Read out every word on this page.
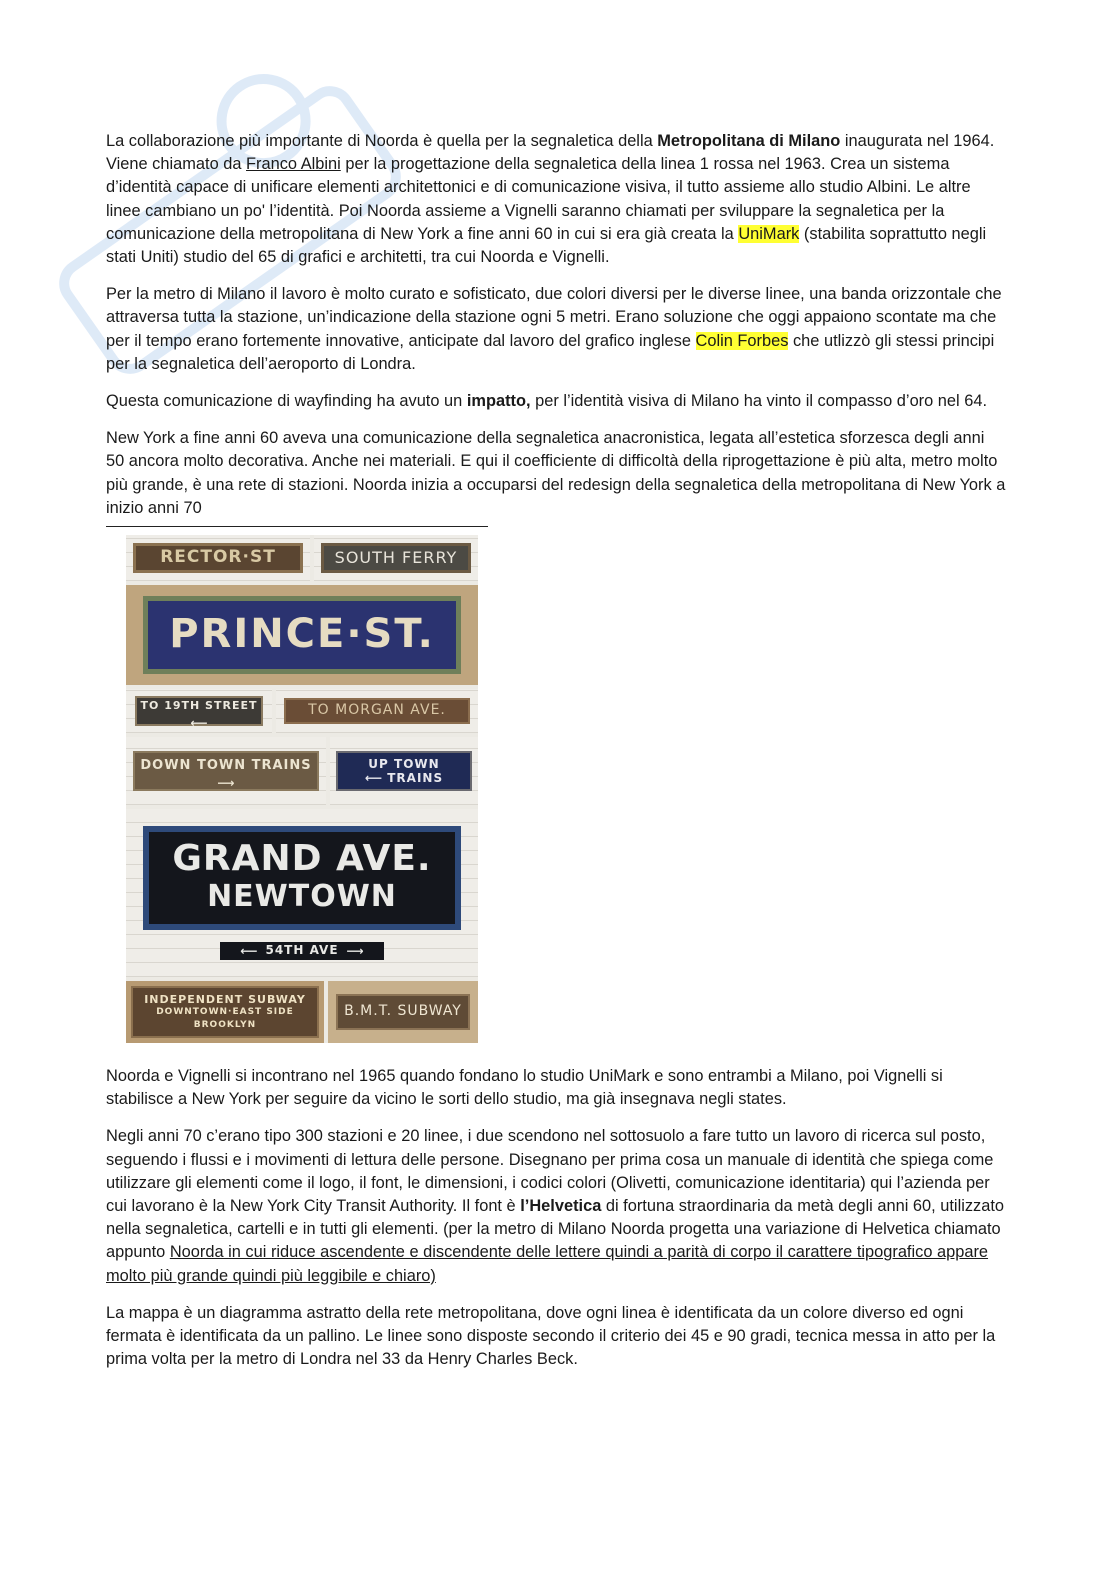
La collaborazione più importante di Noorda è quella per la segnaletica della Metropolitana di Milano inaugurata nel 1964. Viene chiamato da Franco Albini per la progettazione della segnaletica della linea 1 rossa nel 1963. Crea un sistema d’identità capace di unificare elementi architettonici e di comunicazione visiva, il tutto assieme allo studio Albini. Le altre linee cambiano un po' l’identità. Poi Noorda assieme a Vignelli saranno chiamati per sviluppare la segnaletica per la comunicazione della metropolitana di New York a fine anni 60 in cui si era già creata la UniMark (stabilita soprattutto negli stati Uniti) studio del 65 di grafici e architetti, tra cui Noorda e Vignelli.

Per la metro di Milano il lavoro è molto curato e sofisticato, due colori diversi per le diverse linee, una banda orizzontale che attraversa tutta la stazione, un’indicazione della stazione ogni 5 metri. Erano soluzione che oggi appaiono scontate ma che per il tempo erano fortemente innovative, anticipate dal lavoro del grafico inglese Colin Forbes che utlizzò gli stessi principi per la segnaletica dell’aeroporto di Londra.

Questa comunicazione di wayfinding ha avuto un impatto, per l’identità visiva di Milano ha vinto il compasso d’oro nel 64.

New York a fine anni 60 aveva una comunicazione della segnaletica anacronistica, legata all’estetica sforzesca degli anni 50 ancora molto decorativa. Anche nei materiali. E qui il coefficiente di difficoltà della riprogettazione è più alta, metro molto più grande, è una rete di stazioni. Noorda inizia a occuparsi del redesign della segnaletica della metropolitana di New York a inizio anni 70

RECTOR·ST	SOUTH FERRY
PRINCE·ST.
TO 19TH STREET
⟵
TO MORGAN AVE.
DOWN TOWN TRAINS
⟶
UP TOWN
⟵ TRAINS
GRAND AVE.
NEWTOWN
⟵ 54TH AVE ⟶
INDEPENDENT SUBWAY
DOWNTOWN·EAST SIDE
BROOKLYN
B.M.T. SUBWAY

Noorda e Vignelli si incontrano nel 1965 quando fondano lo studio UniMark e sono entrambi a Milano, poi Vignelli si stabilisce a New York per seguire da vicino le sorti dello studio, ma già insegnava negli states.

Negli anni 70 c’erano tipo 300 stazioni e 20 linee, i due scendono nel sottosuolo a fare tutto un lavoro di ricerca sul posto, seguendo i flussi e i movimenti di lettura delle persone. Disegnano per prima cosa un manuale di identità che spiega come utilizzare gli elementi come il logo, il font, le dimensioni, i codici colori (Olivetti, comunicazione identitaria) qui l’azienda per cui lavorano è la New York City Transit Authority. Il font è l’Helvetica di fortuna straordinaria da metà degli anni 60, utilizzato nella segnaletica, cartelli e in tutti gli elementi. (per la metro di Milano Noorda progetta una variazione di Helvetica chiamato appunto Noorda in cui riduce ascendente e discendente delle lettere quindi a parità di corpo il carattere tipografico appare molto più grande quindi più leggibile e chiaro)

La mappa è un diagramma astratto della rete metropolitana, dove ogni linea è identificata da un colore diverso ed ogni fermata è identificata da un pallino. Le linee sono disposte secondo il criterio dei 45 e 90 gradi, tecnica messa in atto per la prima volta per la metro di Londra nel 33 da Henry Charles Beck.
